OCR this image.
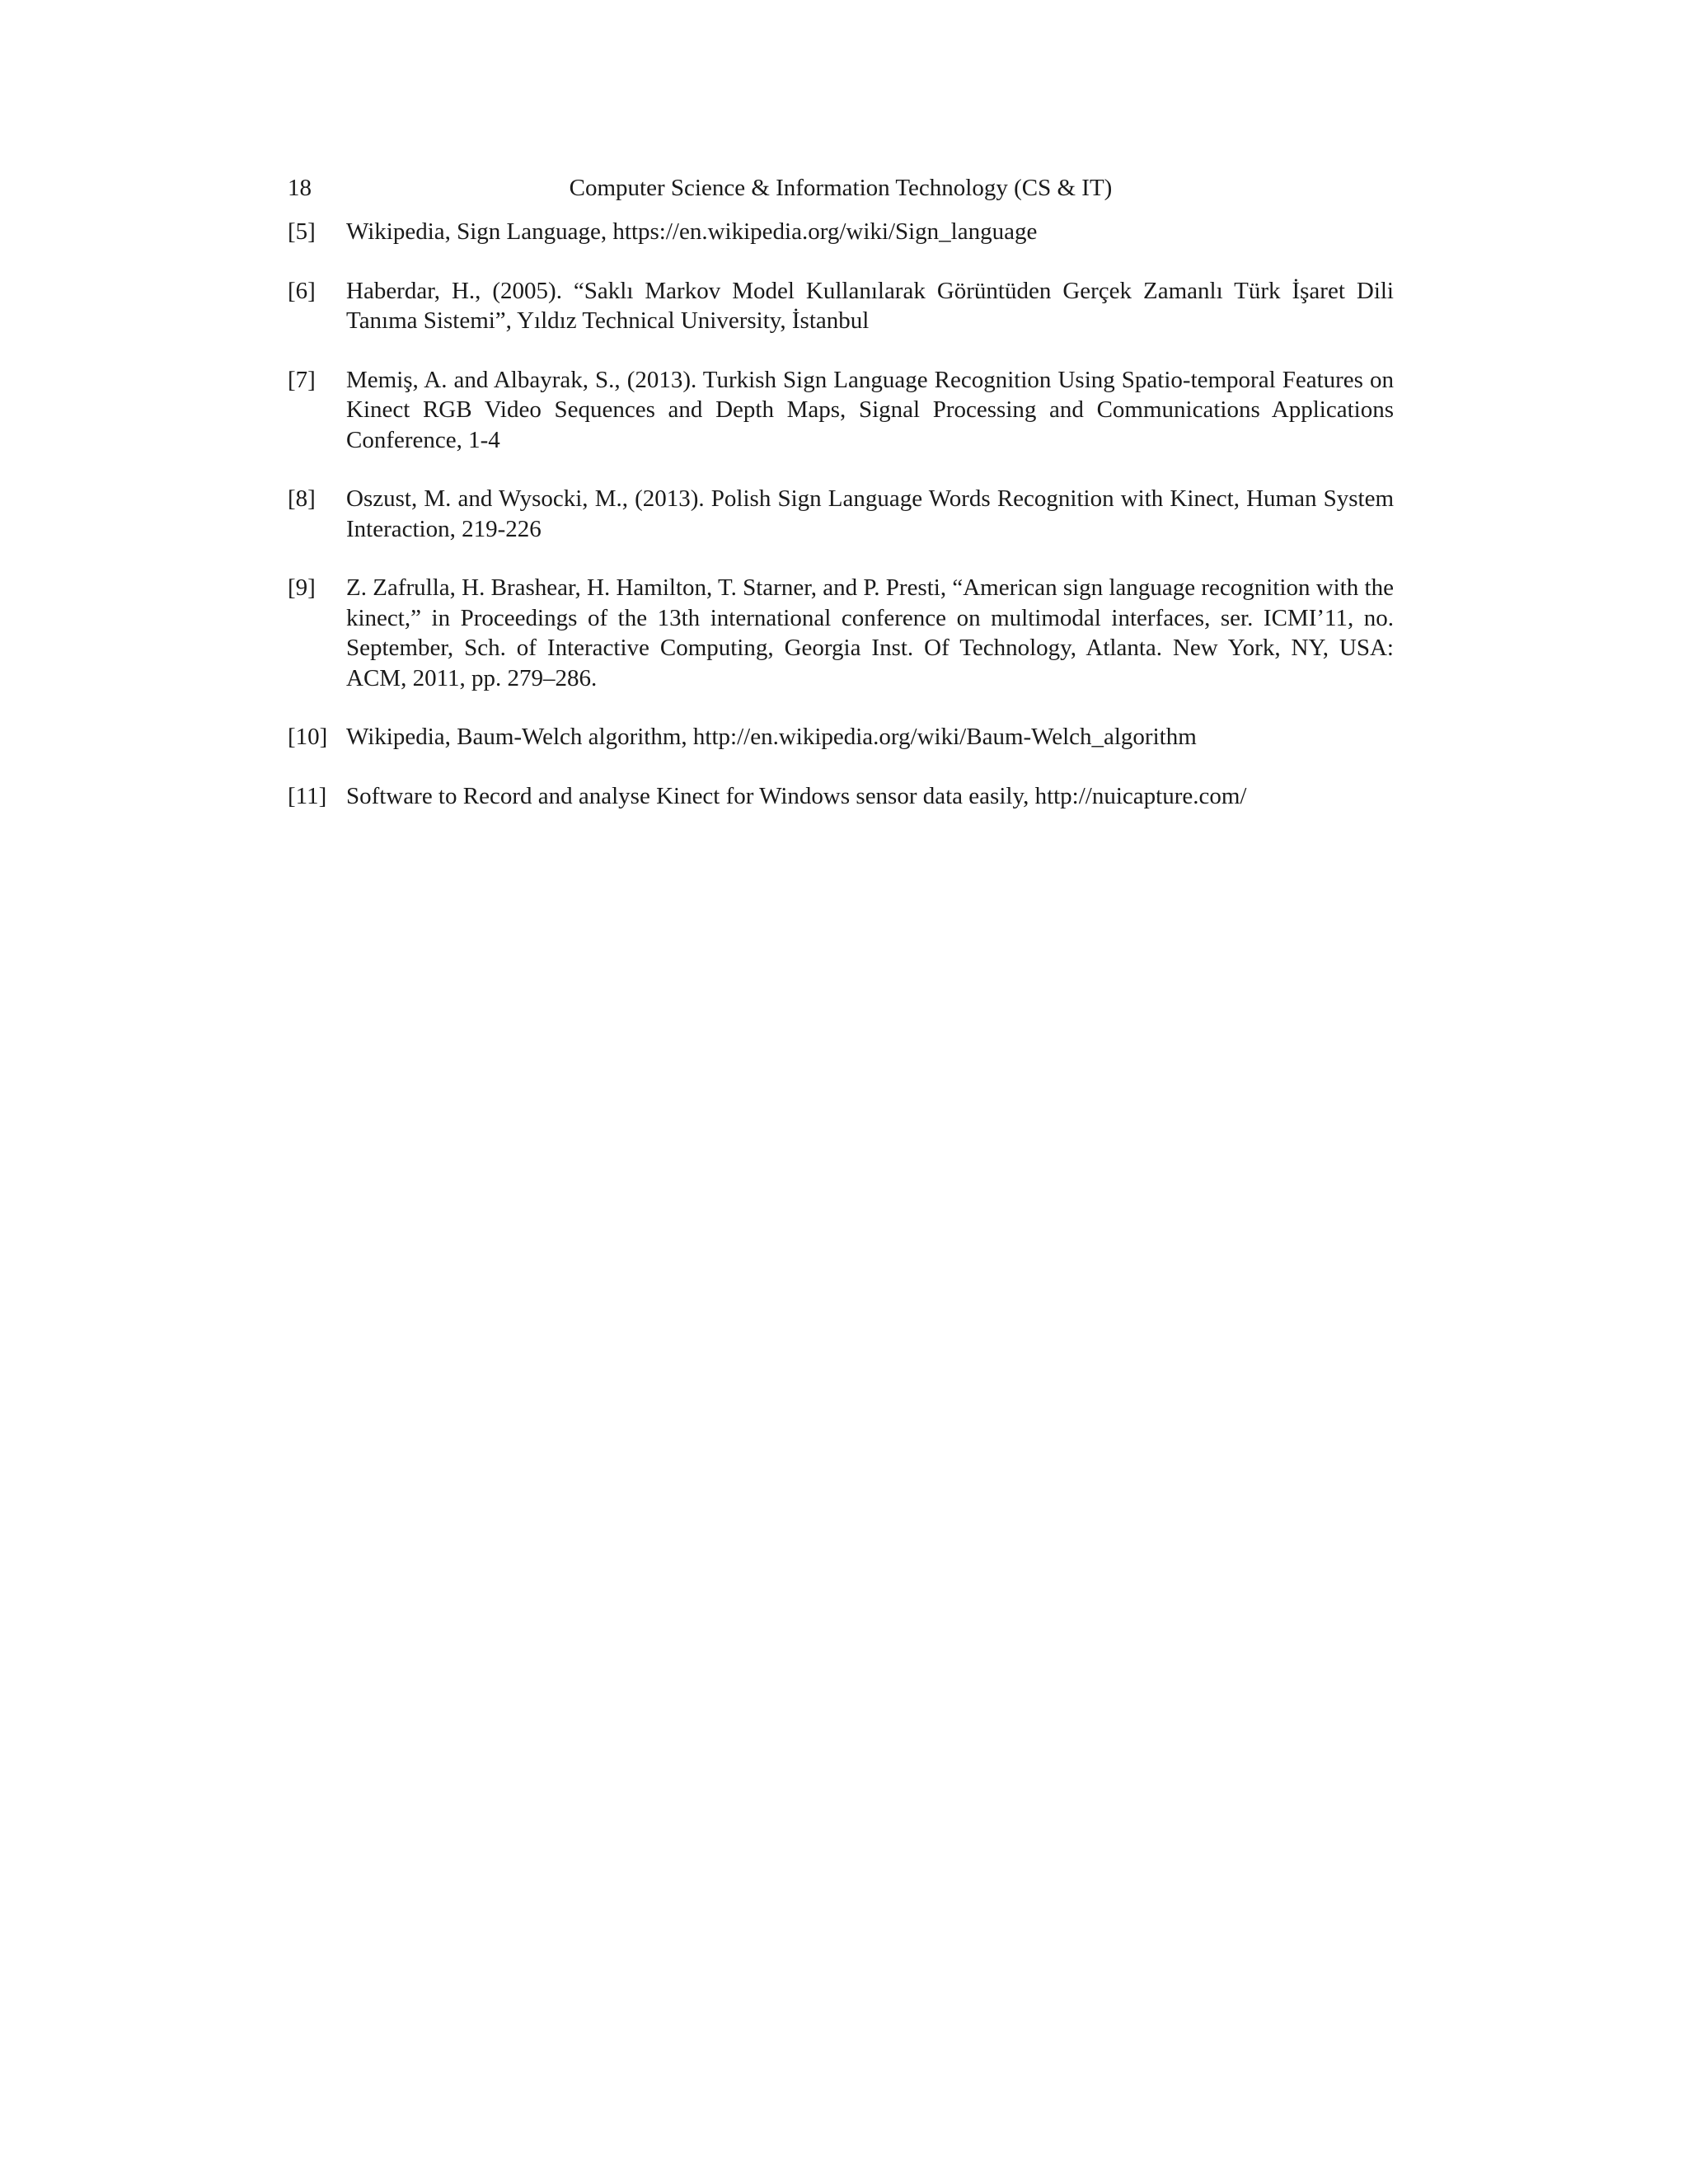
18	Computer Science & Information Technology (CS & IT)
[5]	Wikipedia, Sign Language, https://en.wikipedia.org/wiki/Sign_language
[6]	Haberdar, H., (2005). “Saklı Markov Model Kullanılarak Görüntüden Gerçek Zamanlı Türk İşaret Dili Tanıma Sistemi”, Yıldız Technical University, İstanbul
[7]	Memiş, A. and Albayrak, S., (2013). Turkish Sign Language Recognition Using Spatio-temporal Features on Kinect RGB Video Sequences and Depth Maps, Signal Processing and Communications Applications Conference, 1-4
[8]	Oszust, M. and Wysocki, M., (2013). Polish Sign Language Words Recognition with Kinect, Human System Interaction, 219-226
[9]	Z. Zafrulla, H. Brashear, H. Hamilton, T. Starner, and P. Presti, “American sign language recognition with the kinect,” in Proceedings of the 13th international conference on multimodal interfaces, ser. ICMI’11, no. September, Sch. of Interactive Computing, Georgia Inst. Of Technology, Atlanta. New York, NY, USA: ACM, 2011, pp. 279–286.
[10] Wikipedia, Baum-Welch algorithm, http://en.wikipedia.org/wiki/Baum-Welch_algorithm
[11] Software to Record and analyse Kinect for Windows sensor data easily, http://nuicapture.com/
